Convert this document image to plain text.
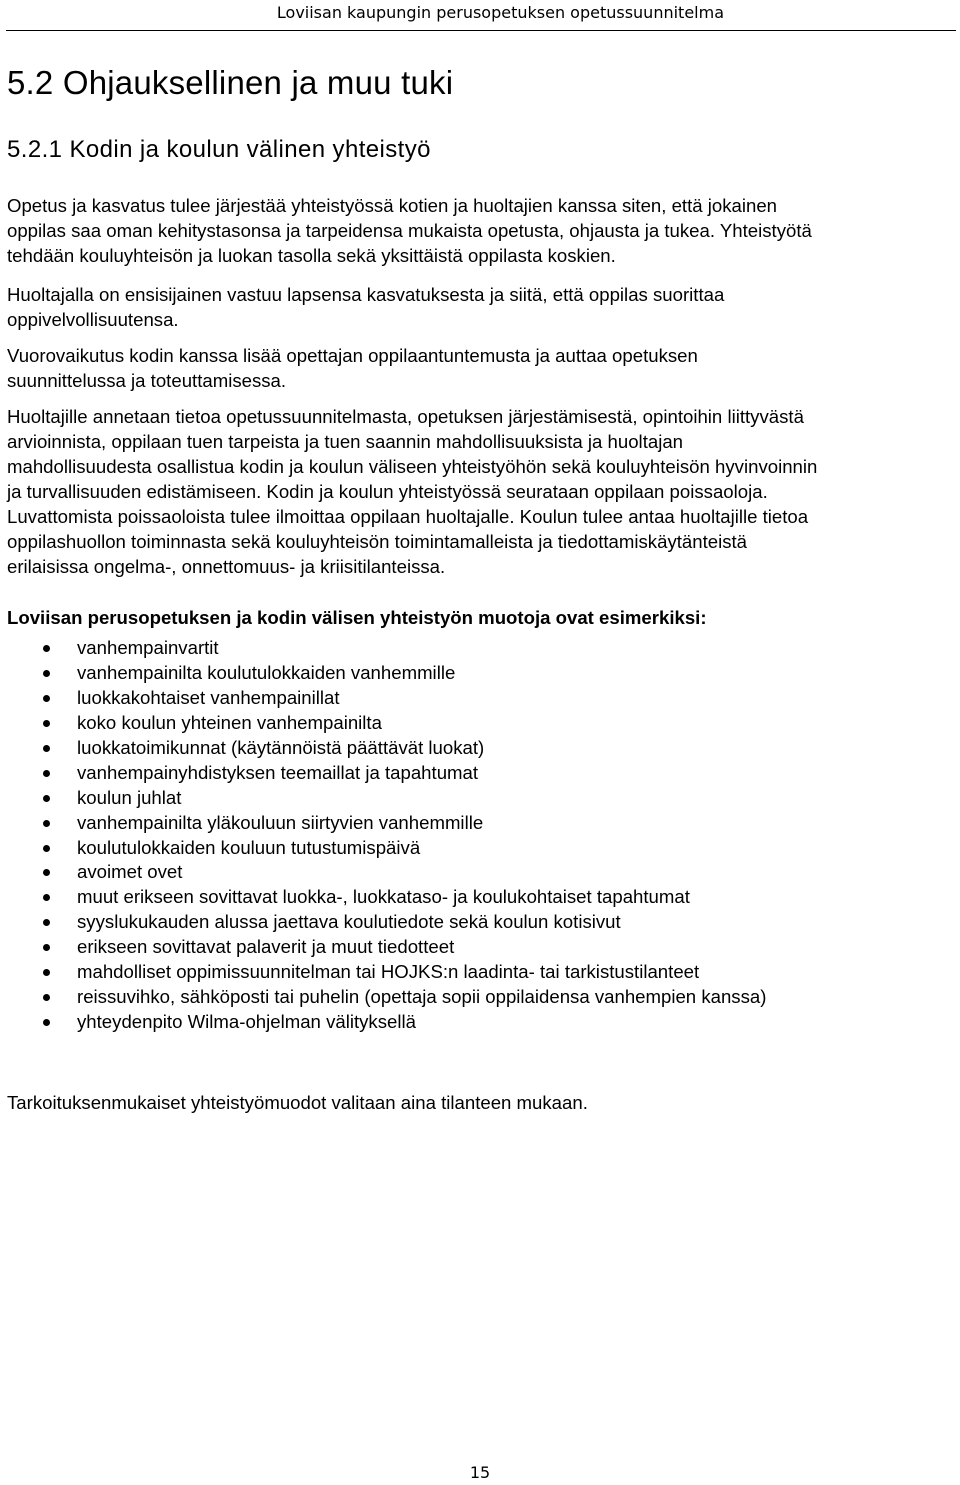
Loviisan kaupungin perusopetuksen opetussuunnitelma
5.2 Ohjauksellinen ja muu tuki
5.2.1 Kodin ja koulun välinen yhteistyö

Opetus ja kasvatus tulee järjestää yhteistyössä kotien ja huoltajien kanssa siten, että jokainen
oppilas saa oman kehitystasonsa ja tarpeidensa mukaista opetusta, ohjausta ja tukea. Yhteistyötä
tehdään kouluyhteisön ja luokan tasolla sekä yksittäistä oppilasta koskien.

Huoltajalla on ensisijainen vastuu lapsensa kasvatuksesta ja siitä, että oppilas suorittaa
oppivelvollisuutensa.

Vuorovaikutus kodin kanssa lisää opettajan oppilaantuntemusta ja auttaa opetuksen
suunnittelussa ja toteuttamisessa.

Huoltajille annetaan tietoa opetussuunnitelmasta, opetuksen järjestämisestä, opintoihin liittyvästä
arvioinnista, oppilaan tuen tarpeista ja tuen saannin mahdollisuuksista ja huoltajan
mahdollisuudesta osallistua kodin ja koulun väliseen yhteistyöhön sekä kouluyhteisön hyvinvoinnin
ja turvallisuuden edistämiseen. Kodin ja koulun yhteistyössä seurataan oppilaan poissaoloja.
Luvattomista poissaoloista tulee ilmoittaa oppilaan huoltajalle. Koulun tulee antaa huoltajille tietoa
oppilashuollon toiminnasta sekä kouluyhteisön toimintamalleista ja tiedottamiskäytänteistä
erilaisissa ongelma-, onnettomuus- ja kriisitilanteissa.

Loviisan perusopetuksen ja kodin välisen yhteistyön muotoja ovat esimerkiksi:

vanhempainvartit
vanhempainilta koulutulokkaiden vanhemmille
luokkakohtaiset vanhempainillat
koko koulun yhteinen vanhempainilta
luokkatoimikunnat (käytännöistä päättävät luokat)
vanhempainyhdistyksen teemaillat ja tapahtumat
koulun juhlat
vanhempainilta yläkouluun siirtyvien vanhemmille
koulutulokkaiden kouluun tutustumispäivä
avoimet ovet
muut erikseen sovittavat luokka-, luokkataso- ja koulukohtaiset tapahtumat
syyslukukauden alussa jaettava koulutiedote sekä koulun kotisivut
erikseen sovittavat palaverit ja muut tiedotteet
mahdolliset oppimissuunnitelman tai HOJKS:n laadinta- tai tarkistustilanteet
reissuvihko, sähköposti tai puhelin (opettaja sopii oppilaidensa vanhempien kanssa)
yhteydenpito Wilma-ohjelman välityksellä

Tarkoituksenmukaiset yhteistyömuodot valitaan aina tilanteen mukaan.

15
